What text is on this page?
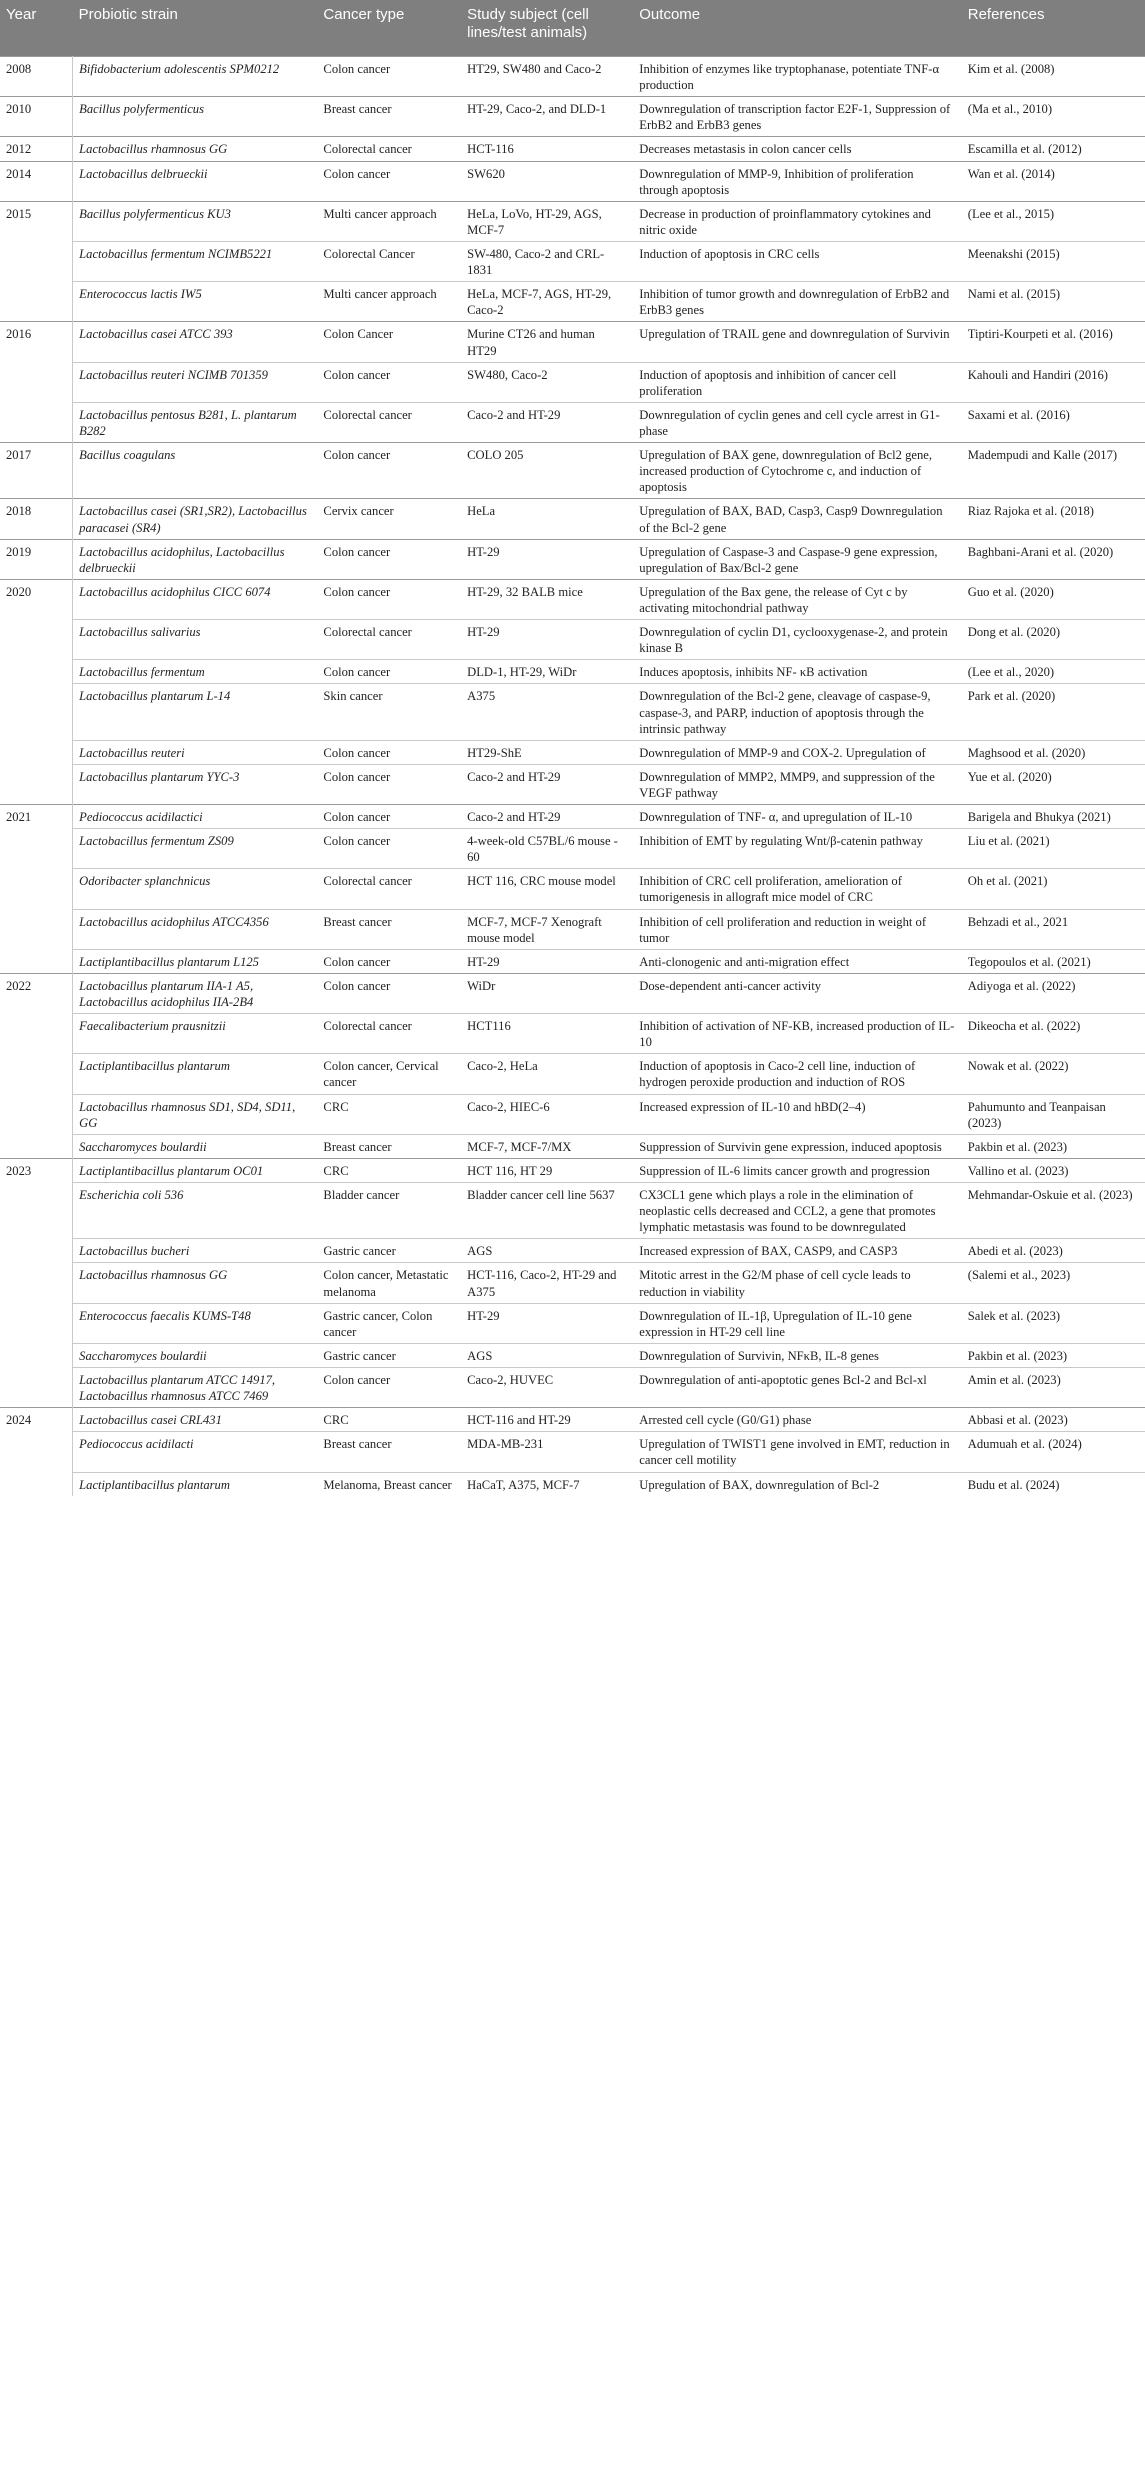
Year	Probiotic strain	Cancer type	Study subject (cell lines/test animals)	Outcome	References
2008	Bifidobacterium adolescentis SPM0212	Colon cancer	HT29, SW480 and Caco-2	Inhibition of enzymes like tryptophanase, potentiate TNF-α production	Kim et al. (2008)
2010	Bacillus polyfermenticus	Breast cancer	HT-29, Caco-2, and DLD-1	Downregulation of transcription factor E2F-1, Suppression of ErbB2 and ErbB3 genes	(Ma et al., 2010)
2012	Lactobacillus rhamnosus GG	Colorectal cancer	HCT-116	Decreases metastasis in colon cancer cells	Escamilla et al. (2012)
2014	Lactobacillus delbrueckii	Colon cancer	SW620	Downregulation of MMP-9, Inhibition of proliferation through apoptosis	Wan et al. (2014)
2015	Bacillus polyfermenticus KU3	Multi cancer approach	HeLa, LoVo, HT-29, AGS, MCF-7	Decrease in production of proinflammatory cytokines and nitric oxide	(Lee et al., 2015)
	Lactobacillus fermentum NCIMB5221	Colorectal Cancer	SW-480, Caco-2 and CRL-1831	Induction of apoptosis in CRC cells	Meenakshi (2015)
	Enterococcus lactis IW5	Multi cancer approach	HeLa, MCF-7, AGS, HT-29, Caco-2	Inhibition of tumor growth and downregulation of ErbB2 and ErbB3 genes	Nami et al. (2015)
2016	Lactobacillus casei ATCC 393	Colon Cancer	Murine CT26 and human HT29	Upregulation of TRAIL gene and downregulation of Survivin	Tiptiri-Kourpeti et al. (2016)
	Lactobacillus reuteri NCIMB 701359	Colon cancer	SW480, Caco-2	Induction of apoptosis and inhibition of cancer cell proliferation	Kahouli and Handiri (2016)
	Lactobacillus pentosus B281, L. plantarum B282	Colorectal cancer	Caco-2 and HT-29	Downregulation of cyclin genes and cell cycle arrest in G1-phase	Saxami et al. (2016)
2017	Bacillus coagulans	Colon cancer	COLO 205	Upregulation of BAX gene, downregulation of Bcl2 gene, increased production of Cytochrome c, and induction of apoptosis	Madempudi and Kalle (2017)
2018	Lactobacillus casei (SR1,SR2), Lactobacillus paracasei (SR4)	Cervix cancer	HeLa	Upregulation of BAX, BAD, Casp3, Casp9 Downregulation of the Bcl-2 gene	Riaz Rajoka et al. (2018)
2019	Lactobacillus acidophilus, Lactobacillus delbrueckii	Colon cancer	HT-29	Upregulation of Caspase-3 and Caspase-9 gene expression, upregulation of Bax/Bcl-2 gene	Baghbani-Arani et al. (2020)
2020	Lactobacillus acidophilus CICC 6074	Colon cancer	HT-29, 32 BALB mice	Upregulation of the Bax gene, the release of Cyt c by activating mitochondrial pathway	Guo et al. (2020)
	Lactobacillus salivarius	Colorectal cancer	HT-29	Downregulation of cyclin D1, cyclooxygenase-2, and protein kinase B	Dong et al. (2020)
	Lactobacillus fermentum	Colon cancer	DLD-1, HT-29, WiDr	Induces apoptosis, inhibits NF- κB activation	(Lee et al., 2020)
	Lactobacillus plantarum L-14	Skin cancer	A375	Downregulation of the Bcl-2 gene, cleavage of caspase-9, caspase-3, and PARP, induction of apoptosis through the intrinsic pathway	Park et al. (2020)
	Lactobacillus reuteri	Colon cancer	HT29-ShE	Downregulation of MMP-9 and COX-2. Upregulation of	Maghsood et al. (2020)
	Lactobacillus plantarum YYC-3	Colon cancer	Caco-2 and HT-29	Downregulation of MMP2, MMP9, and suppression of the VEGF pathway	Yue et al. (2020)
2021	Pediococcus acidilactici	Colon cancer	Caco-2 and HT-29	Downregulation of TNF- α, and upregulation of IL-10	Barigela and Bhukya (2021)
	Lactobacillus fermentum ZS09	Colon cancer	4-week-old C57BL/6 mouse - 60	Inhibition of EMT by regulating Wnt/β-catenin pathway	Liu et al. (2021)
	Odoribacter splanchnicus	Colorectal cancer	HCT 116, CRC mouse model	Inhibition of CRC cell proliferation, amelioration of tumorigenesis in allograft mice model of CRC	Oh et al. (2021)
	Lactobacillus acidophilus ATCC4356	Breast cancer	MCF-7, MCF-7 Xenograft mouse model	Inhibition of cell proliferation and reduction in weight of tumor	Behzadi et al., 2021
	Lactiplantibacillus plantarum L125	Colon cancer	HT-29	Anti-clonogenic and anti-migration effect	Tegopoulos et al. (2021)
2022	Lactobacillus plantarum IIA-1 A5, Lactobacillus acidophilus IIA-2B4	Colon cancer	WiDr	Dose-dependent anti-cancer activity	Adiyoga et al. (2022)
	Faecalibacterium prausnitzii	Colorectal cancer	HCT116	Inhibition of activation of NF-KB, increased production of IL-10	Dikeocha et al. (2022)
	Lactiplantibacillus plantarum	Colon cancer, Cervical cancer	Caco-2, HeLa	Induction of apoptosis in Caco-2 cell line, induction of hydrogen peroxide production and induction of ROS	Nowak et al. (2022)
	Lactobacillus rhamnosus SD1, SD4, SD11, GG	CRC	Caco-2, HIEC-6	Increased expression of IL-10 and hBD(2–4)	Pahumunto and Teanpaisan (2023)
	Saccharomyces boulardii	Breast cancer	MCF-7, MCF-7/MX	Suppression of Survivin gene expression, induced apoptosis	Pakbin et al. (2023)
2023	Lactiplantibacillus plantarum OC01	CRC	HCT 116, HT 29	Suppression of IL-6 limits cancer growth and progression	Vallino et al. (2023)
	Escherichia coli 536	Bladder cancer	Bladder cancer cell line 5637	CX3CL1 gene which plays a role in the elimination of neoplastic cells decreased and CCL2, a gene that promotes lymphatic metastasis was found to be downregulated	Mehmandar-Oskuie et al. (2023)
	Lactobacillus bucheri	Gastric cancer	AGS	Increased expression of BAX, CASP9, and CASP3	Abedi et al. (2023)
	Lactobacillus rhamnosus GG	Colon cancer, Metastatic melanoma	HCT-116, Caco-2, HT-29 and A375	Mitotic arrest in the G2/M phase of cell cycle leads to reduction in viability	(Salemi et al., 2023)
	Enterococcus faecalis KUMS-T48	Gastric cancer, Colon cancer	HT-29	Downregulation of IL-1β, Upregulation of IL-10 gene expression in HT-29 cell line	Salek et al. (2023)
	Saccharomyces boulardii	Gastric cancer	AGS	Downregulation of Survivin, NFκB, IL-8 genes	Pakbin et al. (2023)
	Lactobacillus plantarum ATCC 14917, Lactobacillus rhamnosus ATCC 7469	Colon cancer	Caco-2, HUVEC	Downregulation of anti-apoptotic genes Bcl-2 and Bcl-xl	Amin et al. (2023)
2024	Lactobacillus casei CRL431	CRC	HCT-116 and HT-29	Arrested cell cycle (G0/G1) phase	Abbasi et al. (2023)
	Pediococcus acidilacti	Breast cancer	MDA-MB-231	Upregulation of TWIST1 gene involved in EMT, reduction in cancer cell motility	Adumuah et al. (2024)
	Lactiplantibacillus plantarum	Melanoma, Breast cancer	HaCaT, A375, MCF-7	Upregulation of BAX, downregulation of Bcl-2	Budu et al. (2024)
